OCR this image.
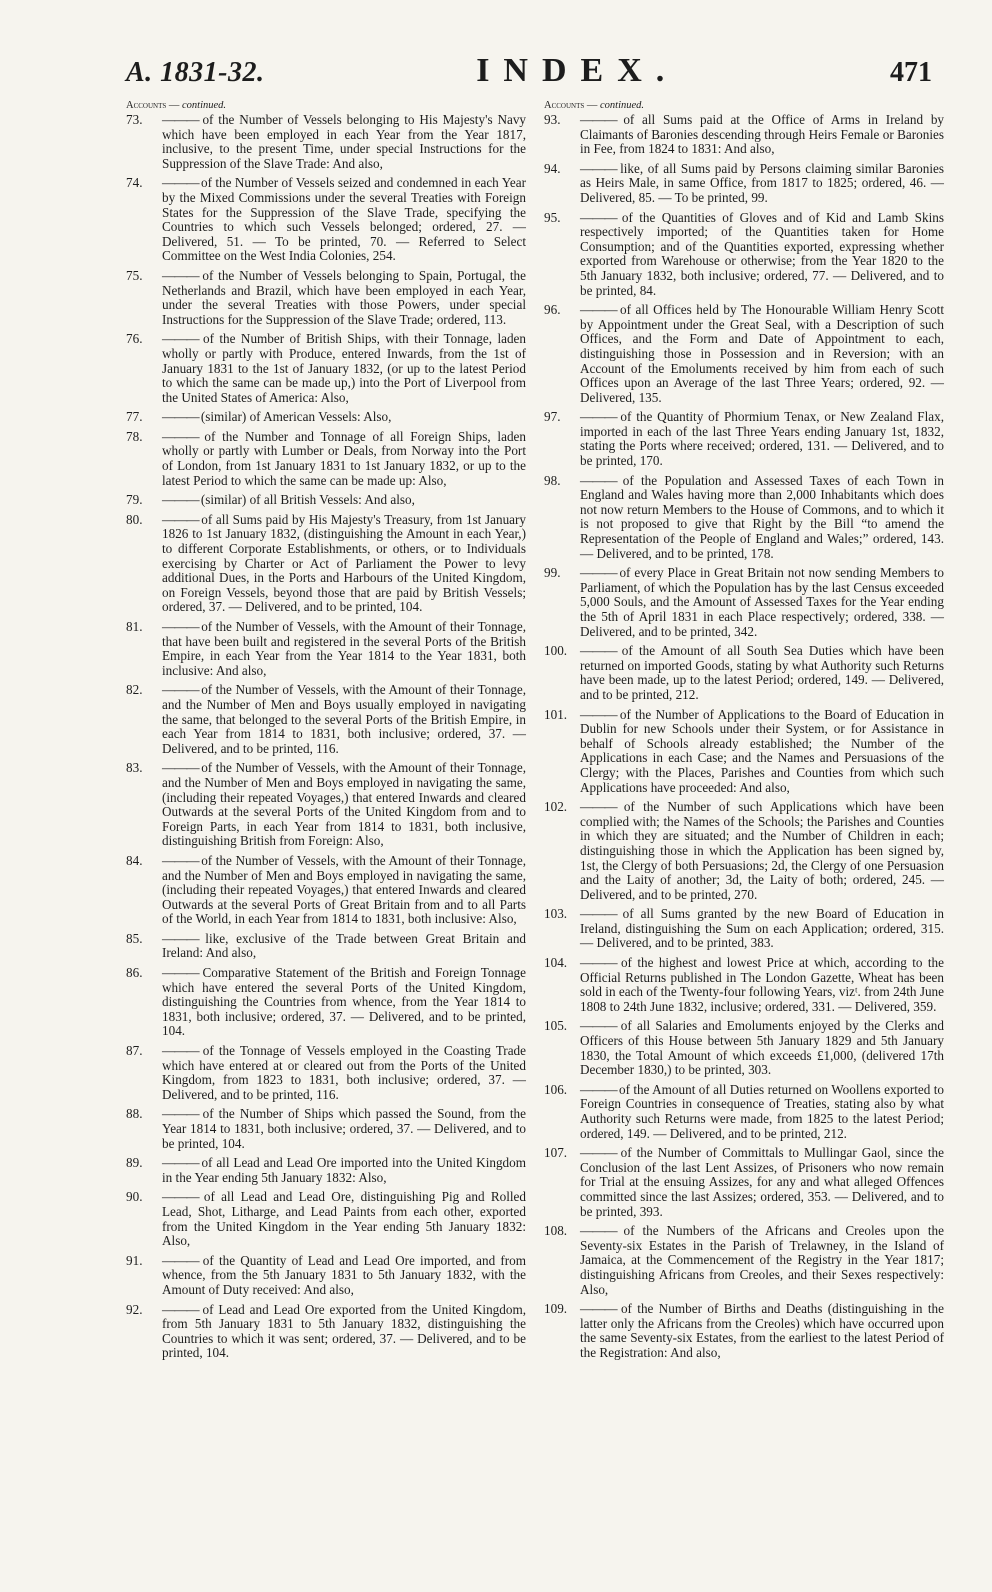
A. 1831-32.	INDEX.	471
Accounts — continued.
73.	——— of the Number of Vessels belonging to His Majesty's Navy which have been employed in each Year from the Year 1817, inclusive, to the present Time, under special Instructions for the Suppression of the Slave Trade: And also,
74.	——— of the Number of Vessels seized and condemned in each Year by the Mixed Commissions under the several Treaties with Foreign States for the Suppression of the Slave Trade, specifying the Countries to which such Vessels belonged; ordered, 27. — Delivered, 51. — To be printed, 70. — Referred to Select Committee on the West India Colonies, 254.
75.	——— of the Number of Vessels belonging to Spain, Portugal, the Netherlands and Brazil, which have been employed in each Year, under the several Treaties with those Powers, under special Instructions for the Suppression of the Slave Trade; ordered, 113.
76.	——— of the Number of British Ships, with their Tonnage, laden wholly or partly with Produce, entered Inwards, from the 1st of January 1831 to the 1st of January 1832, (or up to the latest Period to which the same can be made up,) into the Port of Liverpool from the United States of America: Also,
77.	——— (similar) of American Vessels: Also,
78.	——— of the Number and Tonnage of all Foreign Ships, laden wholly or partly with Lumber or Deals, from Norway into the Port of London, from 1st January 1831 to 1st January 1832, or up to the latest Period to which the same can be made up: Also,
79.	——— (similar) of all British Vessels: And also,
80.	——— of all Sums paid by His Majesty's Treasury, from 1st January 1826 to 1st January 1832, (distinguishing the Amount in each Year,) to different Corporate Establishments, or others, or to Individuals exercising by Charter or Act of Parliament the Power to levy additional Dues, in the Ports and Harbours of the United Kingdom, on Foreign Vessels, beyond those that are paid by British Vessels; ordered, 37. — Delivered, and to be printed, 104.
81.	——— of the Number of Vessels, with the Amount of their Tonnage, that have been built and registered in the several Ports of the British Empire, in each Year from the Year 1814 to the Year 1831, both inclusive: And also,
82.	——— of the Number of Vessels, with the Amount of their Tonnage, and the Number of Men and Boys usually employed in navigating the same, that belonged to the several Ports of the British Empire, in each Year from 1814 to 1831, both inclusive; ordered, 37. — Delivered, and to be printed, 116.
83.	——— of the Number of Vessels, with the Amount of their Tonnage, and the Number of Men and Boys employed in navigating the same, (including their repeated Voyages,) that entered Inwards and cleared Outwards at the several Ports of the United Kingdom from and to Foreign Parts, in each Year from 1814 to 1831, both inclusive, distinguishing British from Foreign: Also,
84.	——— of the Number of Vessels, with the Amount of their Tonnage, and the Number of Men and Boys employed in navigating the same, (including their repeated Voyages,) that entered Inwards and cleared Outwards at the several Ports of Great Britain from and to all Parts of the World, in each Year from 1814 to 1831, both inclusive: Also,
85.	——— like, exclusive of the Trade between Great Britain and Ireland: And also,
86.	——— Comparative Statement of the British and Foreign Tonnage which have entered the several Ports of the United Kingdom, distinguishing the Countries from whence, from the Year 1814 to 1831, both inclusive; ordered, 37. — Delivered, and to be printed, 104.
87.	——— of the Tonnage of Vessels employed in the Coasting Trade which have entered at or cleared out from the Ports of the United Kingdom, from 1823 to 1831, both inclusive; ordered, 37. — Delivered, and to be printed, 116.
88.	——— of the Number of Ships which passed the Sound, from the Year 1814 to 1831, both inclusive; ordered, 37. — Delivered, and to be printed, 104.
89.	——— of all Lead and Lead Ore imported into the United Kingdom in the Year ending 5th January 1832: Also,
90.	——— of all Lead and Lead Ore, distinguishing Pig and Rolled Lead, Shot, Litharge, and Lead Paints from each other, exported from the United Kingdom in the Year ending 5th January 1832: Also,
91.	——— of the Quantity of Lead and Lead Ore imported, and from whence, from the 5th January 1831 to 5th January 1832, with the Amount of Duty received: And also,
92.	——— of Lead and Lead Ore exported from the United Kingdom, from 5th January 1831 to 5th January 1832, distinguishing the Countries to which it was sent; ordered, 37. — Delivered, and to be printed, 104.
Accounts — continued.
93.	——— of all Sums paid at the Office of Arms in Ireland by Claimants of Baronies descending through Heirs Female or Baronies in Fee, from 1824 to 1831: And also,
94.	——— like, of all Sums paid by Persons claiming similar Baronies as Heirs Male, in same Office, from 1817 to 1825; ordered, 46. — Delivered, 85. — To be printed, 99.
95.	——— of the Quantities of Gloves and of Kid and Lamb Skins respectively imported; of the Quantities taken for Home Consumption; and of the Quantities exported, expressing whether exported from Warehouse or otherwise; from the Year 1820 to the 5th January 1832, both inclusive; ordered, 77. — Delivered, and to be printed, 84.
96.	——— of all Offices held by The Honourable William Henry Scott by Appointment under the Great Seal, with a Description of such Offices, and the Form and Date of Appointment to each, distinguishing those in Possession and in Reversion; with an Account of the Emoluments received by him from each of such Offices upon an Average of the last Three Years; ordered, 92. — Delivered, 135.
97.	——— of the Quantity of Phormium Tenax, or New Zealand Flax, imported in each of the last Three Years ending January 1st, 1832, stating the Ports where received; ordered, 131. — Delivered, and to be printed, 170.
98.	——— of the Population and Assessed Taxes of each Town in England and Wales having more than 2,000 Inhabitants which does not now return Members to the House of Commons, and to which it is not proposed to give that Right by the Bill “to amend the Representation of the People of England and Wales;” ordered, 143. — Delivered, and to be printed, 178.
99.	——— of every Place in Great Britain not now sending Members to Parliament, of which the Population has by the last Census exceeded 5,000 Souls, and the Amount of Assessed Taxes for the Year ending the 5th of April 1831 in each Place respectively; ordered, 338. — Delivered, and to be printed, 342.
100.	——— of the Amount of all South Sea Duties which have been returned on imported Goods, stating by what Authority such Returns have been made, up to the latest Period; ordered, 149. — Delivered, and to be printed, 212.
101.	——— of the Number of Applications to the Board of Education in Dublin for new Schools under their System, or for Assistance in behalf of Schools already established; the Number of the Applications in each Case; and the Names and Persuasions of the Clergy; with the Places, Parishes and Counties from which such Applications have proceeded: And also,
102.	——— of the Number of such Applications which have been complied with; the Names of the Schools; the Parishes and Counties in which they are situated; and the Number of Children in each; distinguishing those in which the Application has been signed by, 1st, the Clergy of both Persuasions; 2d, the Clergy of one Persuasion and the Laity of another; 3d, the Laity of both; ordered, 245. — Delivered, and to be printed, 270.
103.	——— of all Sums granted by the new Board of Education in Ireland, distinguishing the Sum on each Application; ordered, 315. — Delivered, and to be printed, 383.
104.	——— of the highest and lowest Price at which, according to the Official Returns published in The London Gazette, Wheat has been sold in each of the Twenty-four following Years, vizᵗ. from 24th June 1808 to 24th June 1832, inclusive; ordered, 331. — Delivered, 359.
105.	——— of all Salaries and Emoluments enjoyed by the Clerks and Officers of this House between 5th January 1829 and 5th January 1830, the Total Amount of which exceeds £1,000, (delivered 17th December 1830,) to be printed, 303.
106.	——— of the Amount of all Duties returned on Woollens exported to Foreign Countries in consequence of Treaties, stating also by what Authority such Returns were made, from 1825 to the latest Period; ordered, 149. — Delivered, and to be printed, 212.
107.	——— of the Number of Committals to Mullingar Gaol, since the Conclusion of the last Lent Assizes, of Prisoners who now remain for Trial at the ensuing Assizes, for any and what alleged Offences committed since the last Assizes; ordered, 353. — Delivered, and to be printed, 393.
108.	——— of the Numbers of the Africans and Creoles upon the Seventy-six Estates in the Parish of Trelawney, in the Island of Jamaica, at the Commencement of the Registry in the Year 1817; distinguishing Africans from Creoles, and their Sexes respectively: Also,
109.	——— of the Number of Births and Deaths (distinguishing in the latter only the Africans from the Creoles) which have occurred upon the same Seventy-six Estates, from the earliest to the latest Period of the Registration: And also,
